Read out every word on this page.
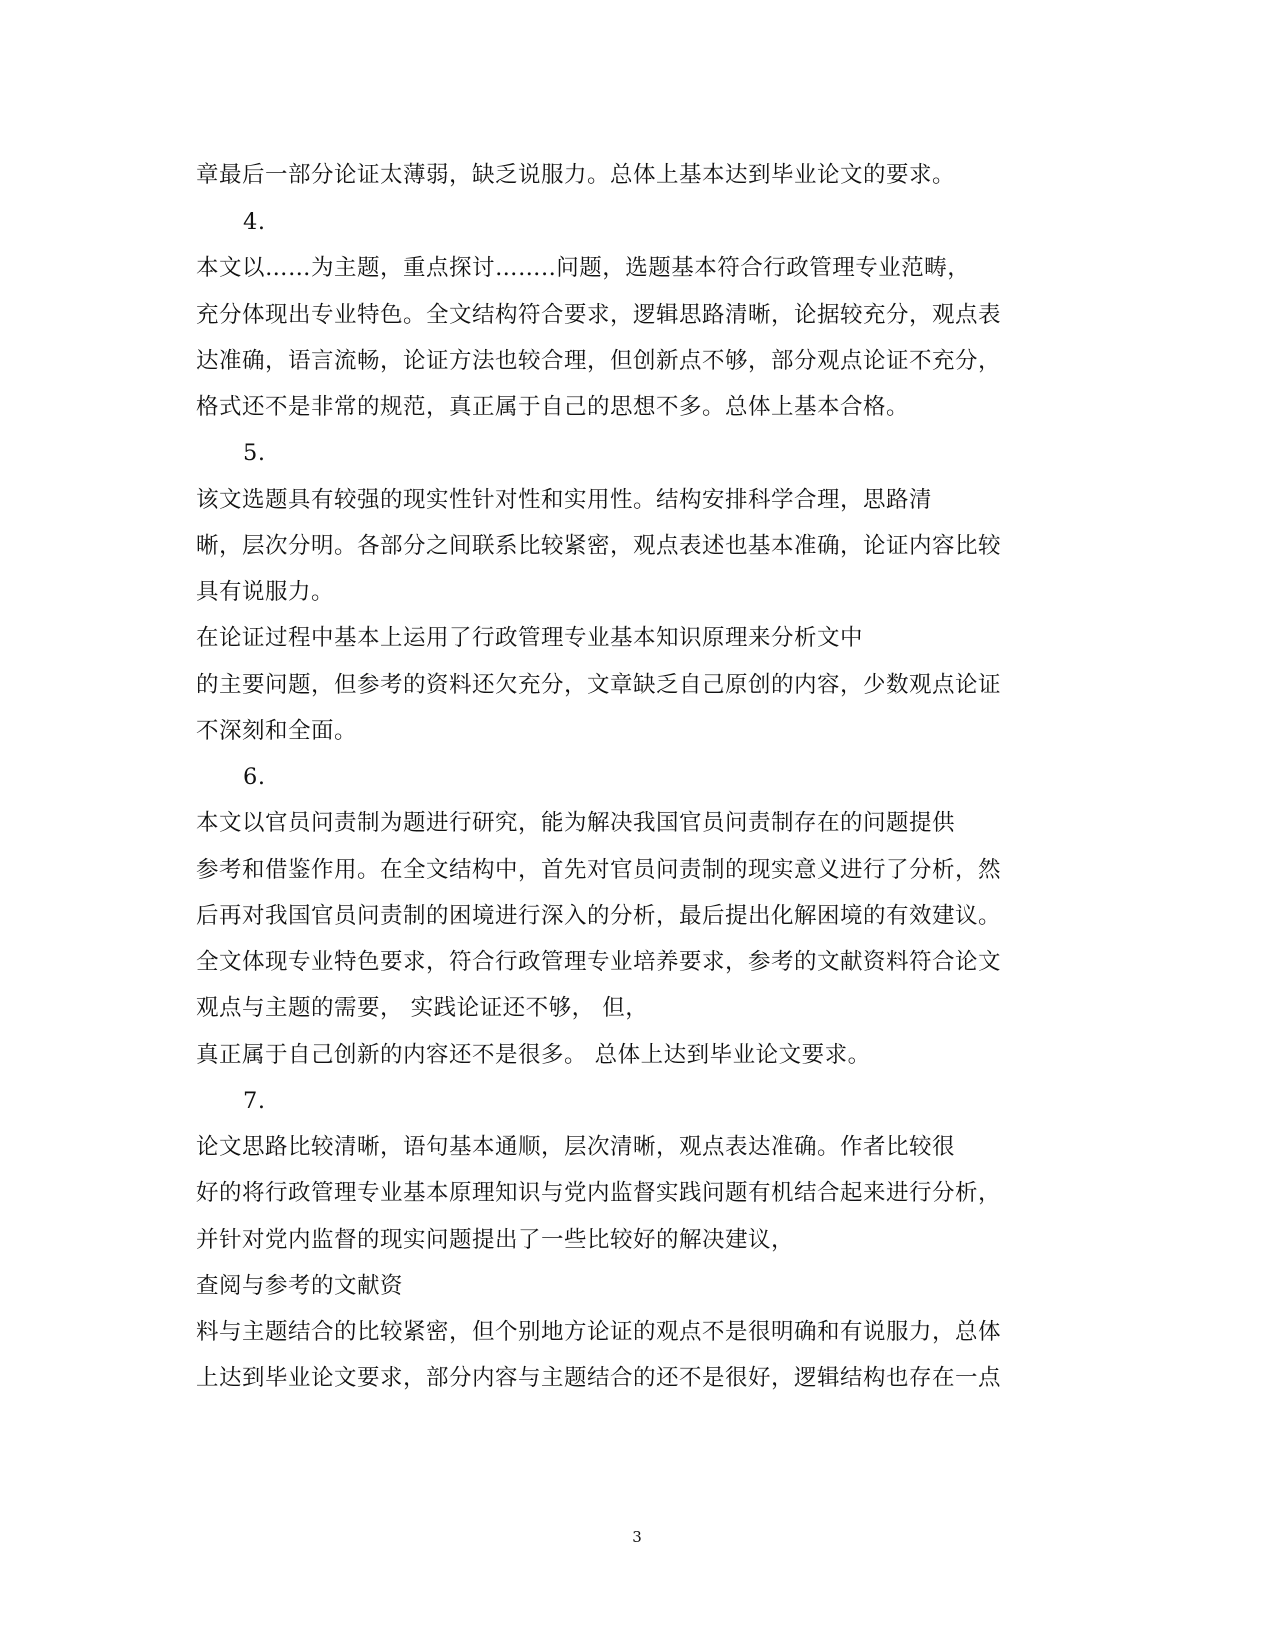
章最后一部分论证太薄弱，缺乏说服力。总体上基本达到毕业论文的要求。
4.
本文以……为主题，重点探讨……..问题，选题基本符合行政管理专业范畴，
充分体现出专业特色。全文结构符合要求，逻辑思路清晰，论据较充分，观点表
达准确，语言流畅，论证方法也较合理，但创新点不够，部分观点论证不充分，
格式还不是非常的规范，真正属于自己的思想不多。总体上基本合格。
5.
该文选题具有较强的现实性针对性和实用性。结构安排科学合理，思路清
晰，层次分明。各部分之间联系比较紧密，观点表述也基本准确，论证内容比较
具有说服力。
在论证过程中基本上运用了行政管理专业基本知识原理来分析文中
的主要问题，但参考的资料还欠充分，文章缺乏自己原创的内容，少数观点论证
不深刻和全面。
6.
本文以官员问责制为题进行研究，能为解决我国官员问责制存在的问题提供
参考和借鉴作用。在全文结构中，首先对官员问责制的现实意义进行了分析，然
后再对我国官员问责制的困境进行深入的分析，最后提出化解困境的有效建议。
全文体现专业特色要求，符合行政管理专业培养要求，参考的文献资料符合论文
观点与主题的需要， 实践论证还不够， 但，
真正属于自己创新的内容还不是很多。 总体上达到毕业论文要求。
7.
论文思路比较清晰，语句基本通顺，层次清晰，观点表达准确。作者比较很
好的将行政管理专业基本原理知识与党内监督实践问题有机结合起来进行分析，
并针对党内监督的现实问题提出了一些比较好的解决建议，
查阅与参考的文献资
料与主题结合的比较紧密，但个别地方论证的观点不是很明确和有说服力，总体
上达到毕业论文要求，部分内容与主题结合的还不是很好，逻辑结构也存在一点
3
